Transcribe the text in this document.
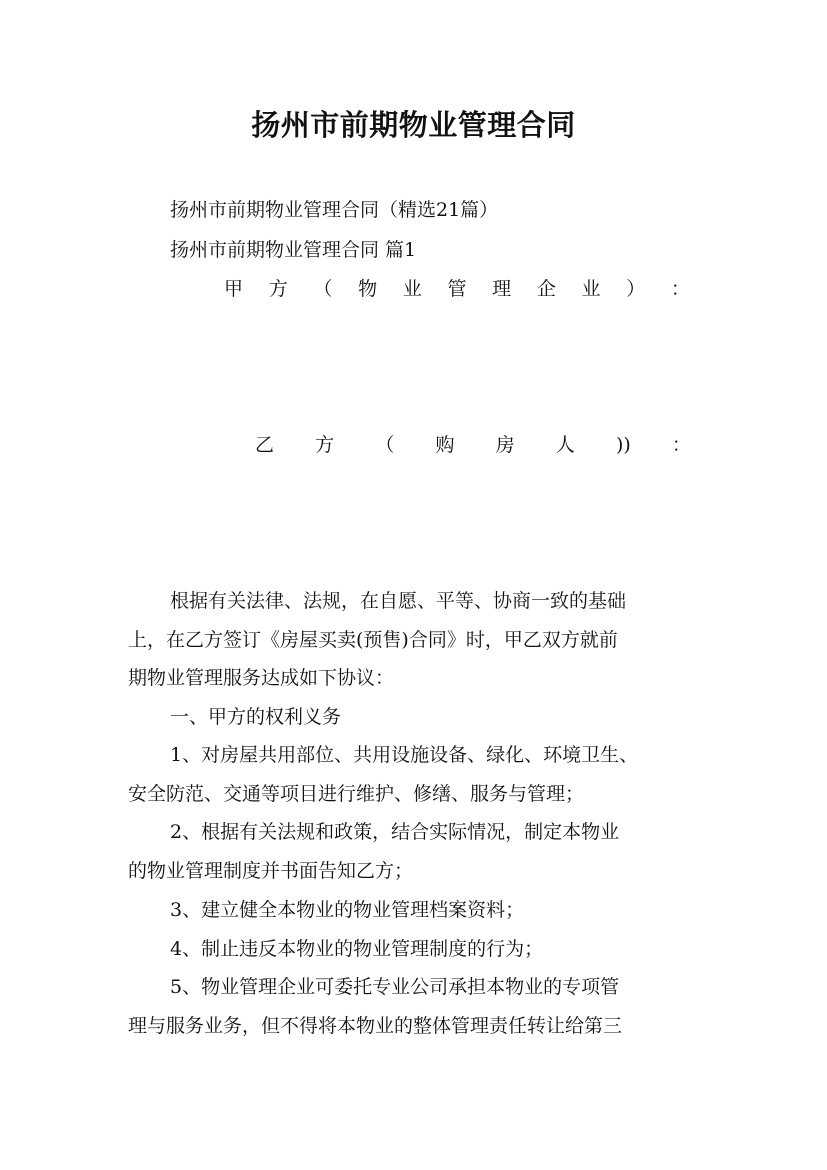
扬州市前期物业管理合同
扬州市前期物业管理合同（精选21篇）
扬州市前期物业管理合同 篇1
甲 方 （ 物 业 管 理 企 业 ） ：
乙 方 （ 购 房 人 )) ：
根据有关法律、法规，在自愿、平等、协商一致的基础
上，在乙方签订《房屋买卖(预售)合同》时，甲乙双方就前
期物业管理服务达成如下协议：
一、甲方的权利义务
1、对房屋共用部位、共用设施设备、绿化、环境卫生、
安全防范、交通等项目进行维护、修缮、服务与管理；
2、根据有关法规和政策，结合实际情况，制定本物业
的物业管理制度并书面告知乙方；
3、建立健全本物业的物业管理档案资料；
4、制止违反本物业的物业管理制度的行为；
5、物业管理企业可委托专业公司承担本物业的专项管
理与服务业务，但不得将本物业的整体管理责任转让给第三
